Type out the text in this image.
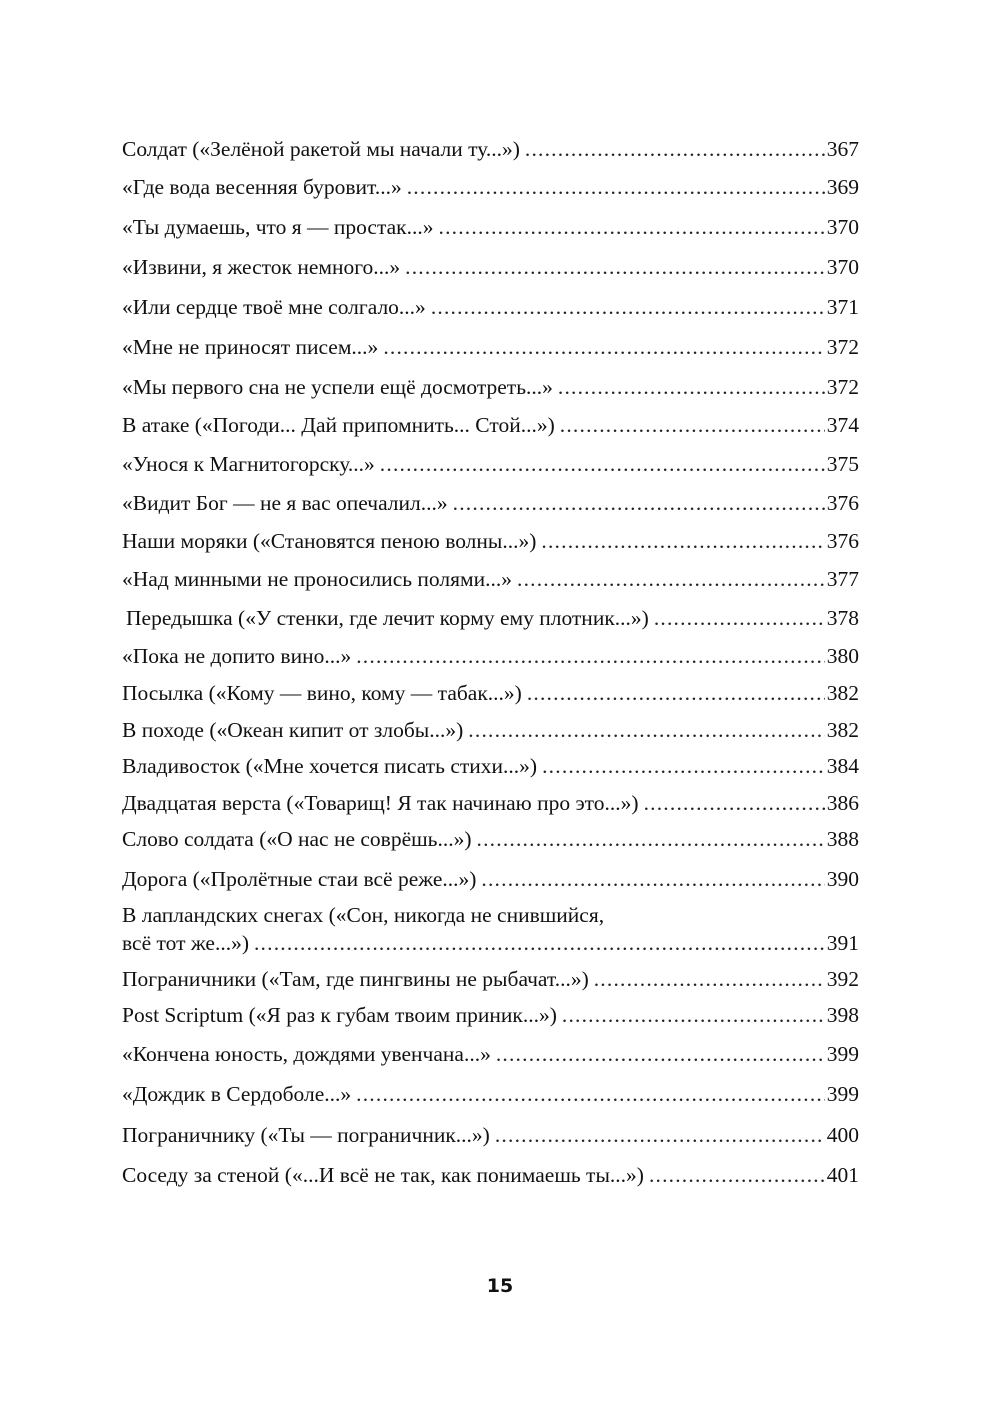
Солдат («Зелёной ракетой мы начали ту...») .....	367
«Где вода весенняя буровит...» .....	369
«Ты думаешь, что я — простак...» .....	370
«Извини, я жесток немного...» .....	370
«Или сердце твоё мне солгало...» .....	371
«Мне не приносят писем...» .....	372
«Мы первого сна не успели ещё досмотреть...» .....	372
В атаке («Погоди... Дай припомнить... Стой...») .....	374
«Унося к Магнитогорску...» .....	375
«Видит Бог — не я вас опечалил...» .....	376
Наши моряки («Становятся пеною волны...») .....	376
«Над минными не проносились полями...» .....	377
Передышка («У стенки, где лечит корму ему плотник...») .....	378
«Пока не допито вино...» .....	380
Посылка («Кому — вино, кому — табак...») .....	382
В походе («Океан кипит от злобы...») .....	382
Владивосток («Мне хочется писать стихи...») .....	384
Двадцатая верста («Товарищ! Я так начинаю про это...») .....	386
Слово солдата («О нас не соврёшь...») .....	388
Дорога («Пролётные стаи всё реже...») .....	390
В лапландских снегах («Сон, никогда не снившийся,
всё тот же...») .....	391
Пограничники («Там, где пингвины не рыбачат...») .....	392
Post Scriptum («Я раз к губам твоим приник...») .....	398
«Кончена юность, дождями увенчана...» .....	399
«Дождик в Сердоболе...» .....	399
Пограничнику («Ты — пограничник...») .....	400
Соседу за стеной («...И всё не так, как понимаешь ты...») .....	401
15
